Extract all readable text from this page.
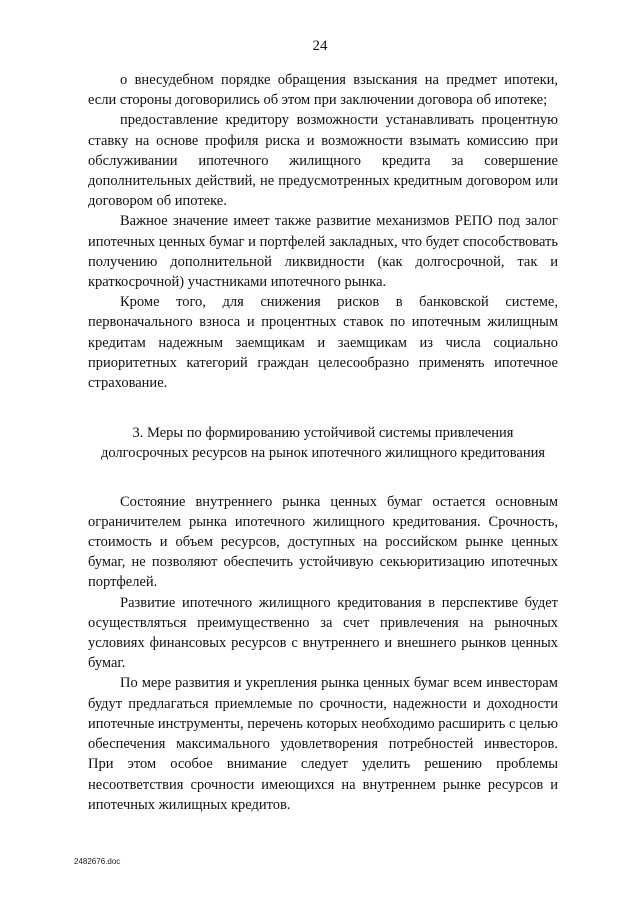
24

о внесудебном порядке обращения взыскания на предмет ипотеки, если стороны договорились об этом при заключении договора об ипотеке;

предоставление кредитору возможности устанавливать процентную ставку на основе профиля риска и возможности взымать комиссию при обслуживании ипотечного жилищного кредита за совершение дополнительных действий, не предусмотренных кредитным договором или договором об ипотеке.

Важное значение имеет также развитие механизмов РЕПО под залог ипотечных ценных бумаг и портфелей закладных, что будет способствовать получению дополнительной ликвидности (как долгосрочной, так и краткосрочной) участниками ипотечного рынка.

Кроме того, для снижения рисков в банковской системе, первоначального взноса и процентных ставок по ипотечным жилищным кредитам надежным заемщикам и заемщикам из числа социально приоритетных категорий граждан целесообразно применять ипотечное страхование.

3. Меры по формированию устойчивой системы привлечения
долгосрочных ресурсов на рынок ипотечного жилищного кредитования

Состояние внутреннего рынка ценных бумаг остается основным ограничителем рынка ипотечного жилищного кредитования. Срочность, стоимость и объем ресурсов, доступных на российском рынке ценных бумаг, не позволяют обеспечить устойчивую секьюритизацию ипотечных портфелей.

Развитие ипотечного жилищного кредитования в перспективе будет осуществляться преимущественно за счет привлечения на рыночных условиях финансовых ресурсов с внутреннего и внешнего рынков ценных бумаг.

По мере развития и укрепления рынка ценных бумаг всем инвесторам будут предлагаться приемлемые по срочности, надежности и доходности ипотечные инструменты, перечень которых необходимо расширить с целью обеспечения максимального удовлетворения потребностей инвесторов. При этом особое внимание следует уделить решению проблемы несоответствия срочности имеющихся на внутреннем рынке ресурсов и ипотечных жилищных кредитов.

2482676.doc
